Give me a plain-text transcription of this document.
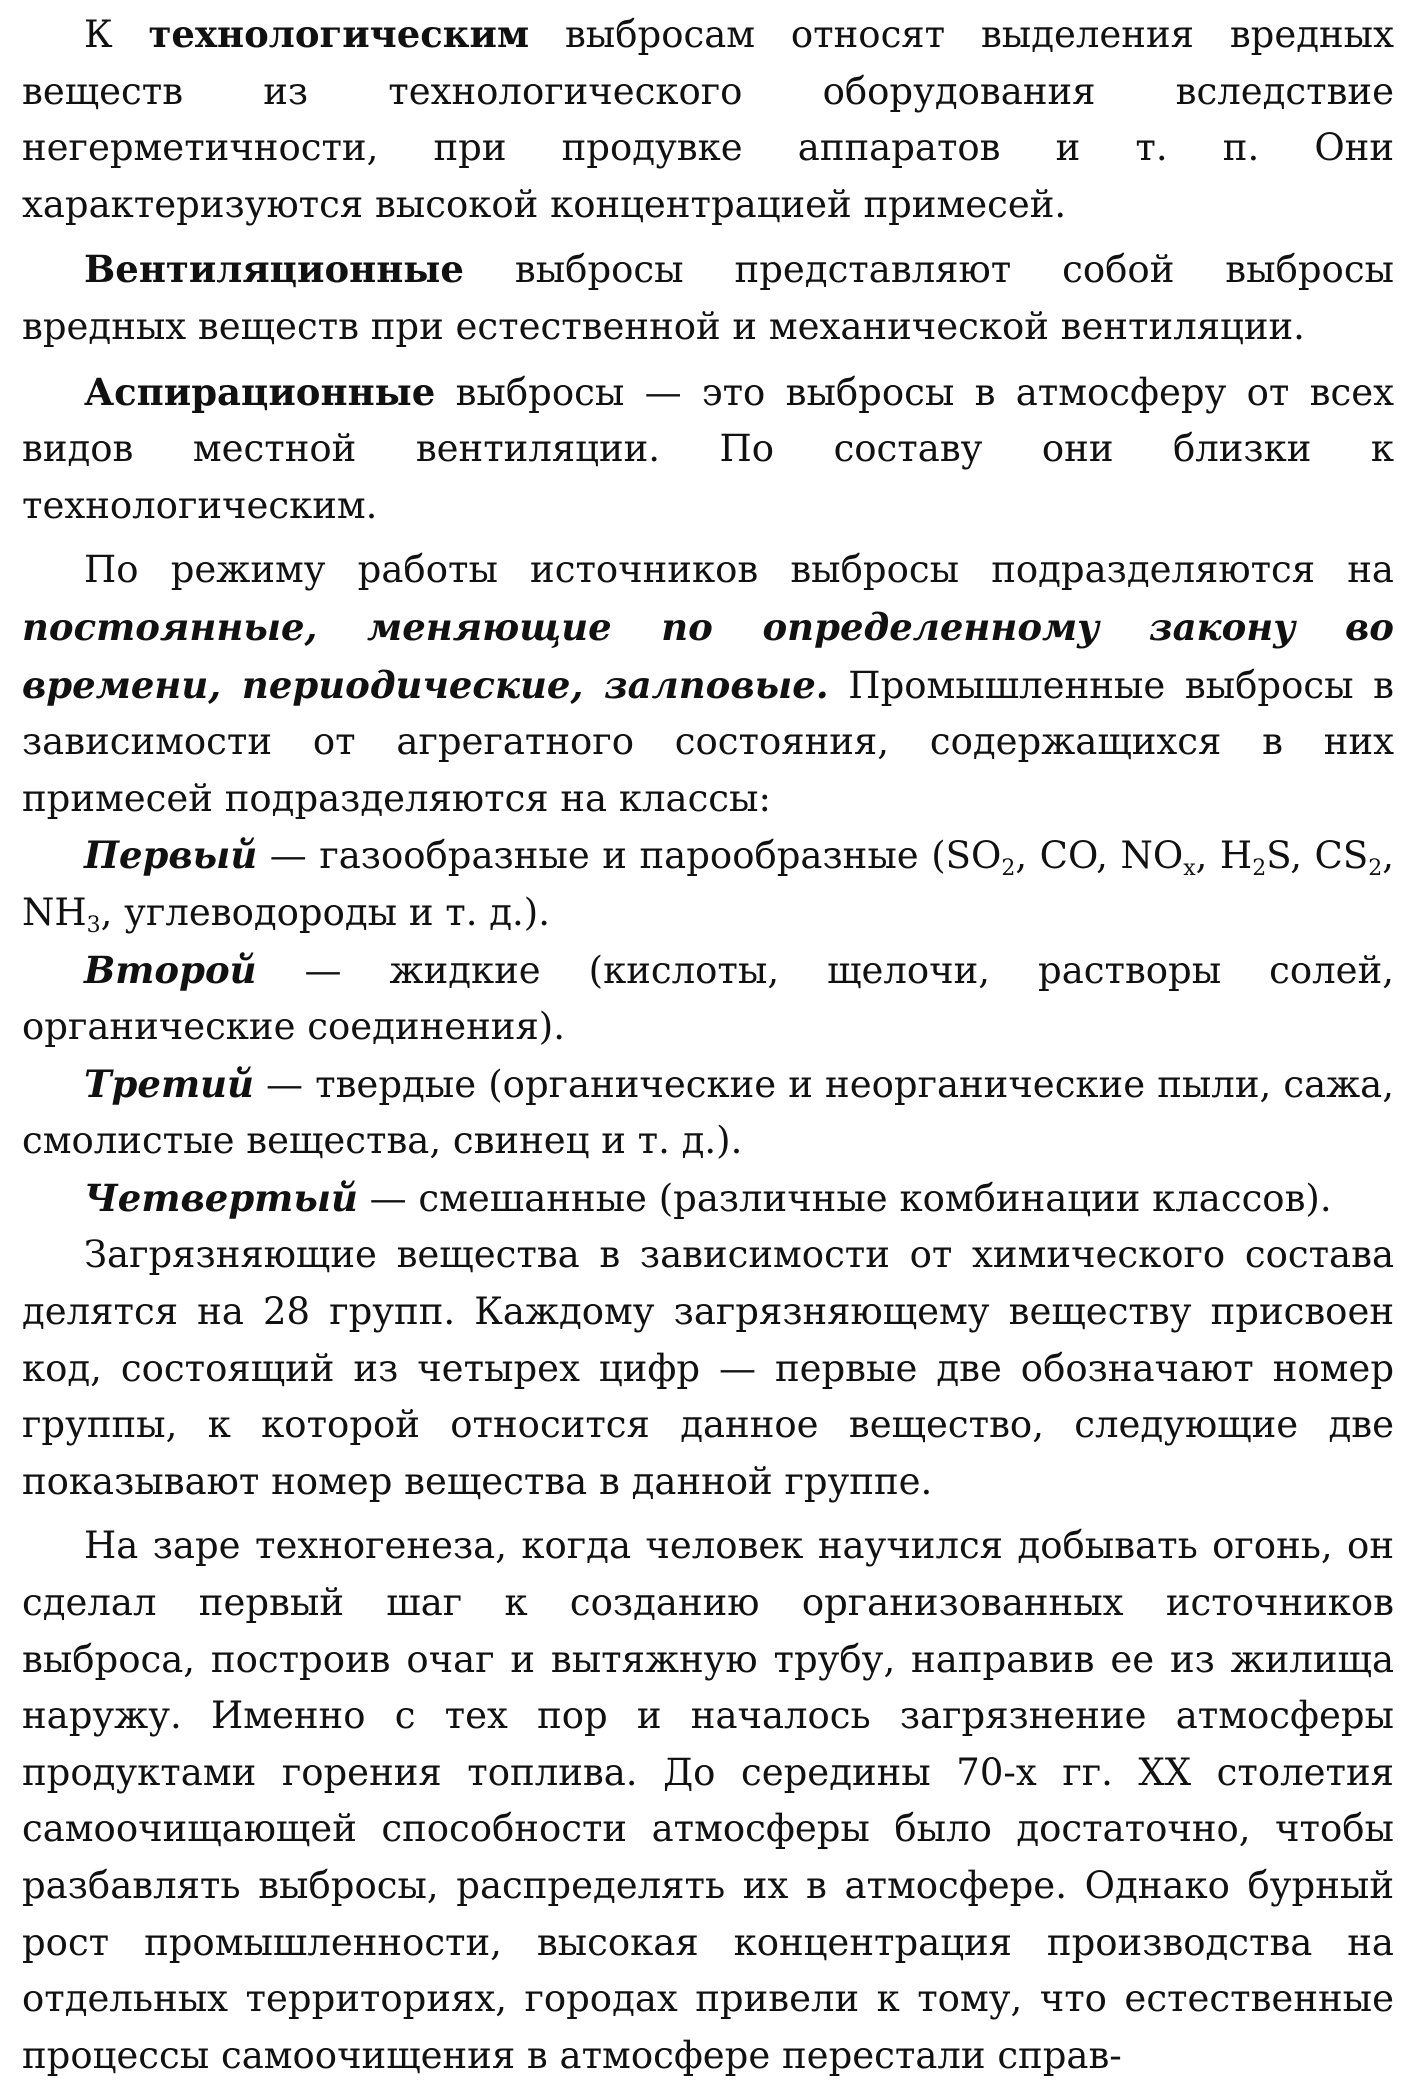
К технологическим выбросам относят выделения вредных веществ из технологического оборудования вследствие негерметичности, при продувке аппаратов и т. п. Они характеризуются высокой концентрацией примесей.

Вентиляционные выбросы представляют собой выбросы вредных веществ при естественной и механической вентиляции.

Аспирационные выбросы — это выбросы в атмосферу от всех видов местной вентиляции. По составу они близки к технологическим.

По режиму работы источников выбросы подразделяются на постоянные, меняющие по определенному закону во времени, периодические, залповые. Промышленные выбросы в зависимости от агрегатного состояния, содержащихся в них примесей подразделяются на классы:

Первый — газообразные и парообразные ($SO_2$, CO, $NO_x$, $H_2S$, $CS_2$, $NH_3$, углеводороды и т. д.).

Второй — жидкие (кислоты, щелочи, растворы солей, органические соединения).

Третий — твердые (органические и неорганические пыли, сажа, смолистые вещества, свинец и т. д.).

Четвертый — смешанные (различные комбинации классов).

Загрязняющие вещества в зависимости от химического состава делятся на 28 групп. Каждому загрязняющему веществу присвоен код, состоящий из четырех цифр — первые две обозначают номер группы, к которой относится данное вещество, следующие две показывают номер вещества в данной группе.

На заре техногенеза, когда человек научился добывать огонь, он сделал первый шаг к созданию организованных источников выброса, построив очаг и вытяжную трубу, направив ее из жилища наружу. Именно с тех пор и началось загрязнение атмосферы продуктами горения топлива. До середины 70-х гг. XX столетия самоочищающей способности атмосферы было достаточно, чтобы разбавлять выбросы, распределять их в атмосфере. Однако бурный рост промышленности, высокая концентрация производства на отдельных территориях, городах привели к тому, что естественные процессы самоочищения в атмосфере перестали справ-
